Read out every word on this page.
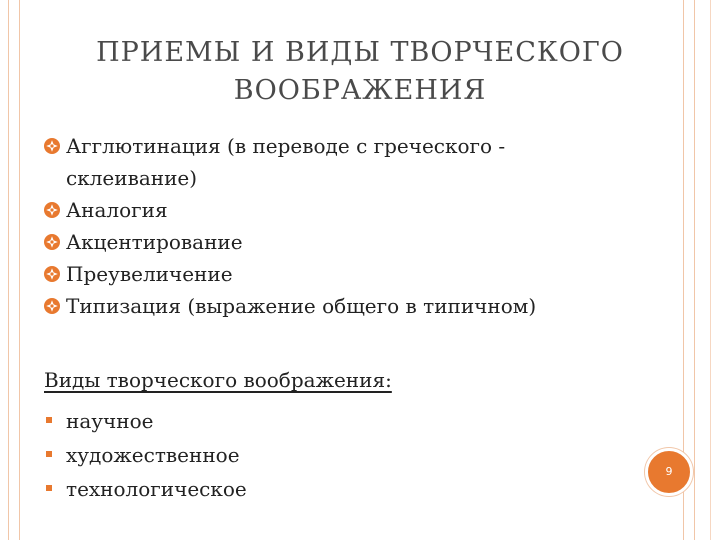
ПРИЕМЫ И ВИДЫ ТВОРЧЕСКОГО
ВООБРАЖЕНИЯ
Агглютинация (в переводе с греческого - склеивание)
Аналогия
Акцентирование
Преувеличение
Типизация (выражение общего в типичном)
Виды творческого воображения:
научное
художественное
технологическое
9
